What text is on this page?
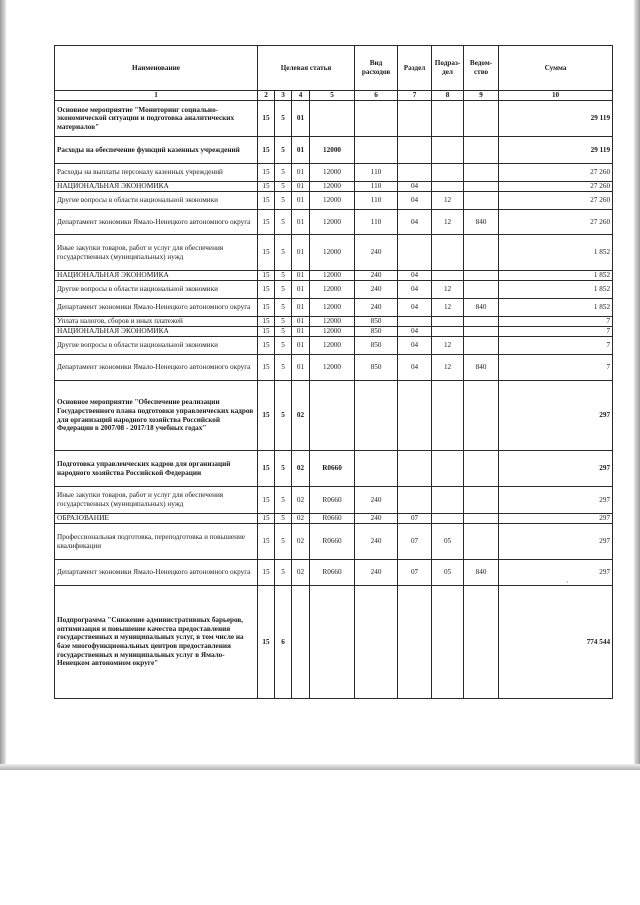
Наименование	Целевая статья				Вид расходов	Раздел	Подраз-дел	Ведом-ство	Сумма
1	2	3	4	5	6	7	8	9	10
Основное мероприятие "Мониторинг социально-экономической ситуации и подготовка аналитических материалов"	15	5	01						29 119
Расходы на обеспечение функций казенных учреждений	15	5	01	12000					29 119
Расходы на выплаты персоналу казенных учреждений	15	5	01	12000	110				27 260
НАЦИОНАЛЬНАЯ ЭКОНОМИКА	15	5	01	12000	110	04			27 260
Другие вопросы в области национальной экономики	15	5	01	12000	110	04	12		27 260
Департамент экономики Ямало-Ненецкого автономного округа	15	5	01	12000	110	04	12	840	27 260
Иные закупки товаров, работ и услуг для обеспечения государственных (муниципальных) нужд	15	5	01	12000	240				1 852
НАЦИОНАЛЬНАЯ ЭКОНОМИКА	15	5	01	12000	240	04			1 852
Другие вопросы в области национальной экономики	15	5	01	12000	240	04	12		1 852
Департамент экономики Ямало-Ненецкого автономного округа	15	5	01	12000	240	04	12	840	1 852
Уплата налогов, сборов и иных платежей	15	5	01	12000	850				7
НАЦИОНАЛЬНАЯ ЭКОНОМИКА	15	5	01	12000	850	04			7
Другие вопросы в области национальной экономики	15	5	01	12000	850	04	12		7
Департамент экономики Ямало-Ненецкого автономного округа	15	5	01	12000	850	04	12	840	7
Основное мероприятие "Обеспечение реализации Государственного плана подготовки управленческих кадров для организаций народного хозяйства Российской Федерации в 2007/08 - 2017/18 учебных годах"	15	5	02						297
Подготовка управленческих кадров для организаций народного хозяйства Российской Федерации	15	5	02	R0660					297
Иные закупки товаров, работ и услуг для обеспечения государственных (муниципальных) нужд	15	5	02	R0660	240				297
ОБРАЗОВАНИЕ	15	5	02	R0660	240	07			297
Профессиональная подготовка, переподготовка и повышение квалификации	15	5	02	R0660	240	07	05		297
Департамент экономики Ямало-Ненецкого автономного округа	15	5	02	R0660	240	07	05	840	297
Подпрограмма "Снижение административных барьеров, оптимизация и повышение качества предоставления государственных и муниципальных услуг, в том числе на базе многофункциональных центров предоставления государственных и муниципальных услуг в Ямало-Ненецком автономном округе"	15	6							774 544
·
